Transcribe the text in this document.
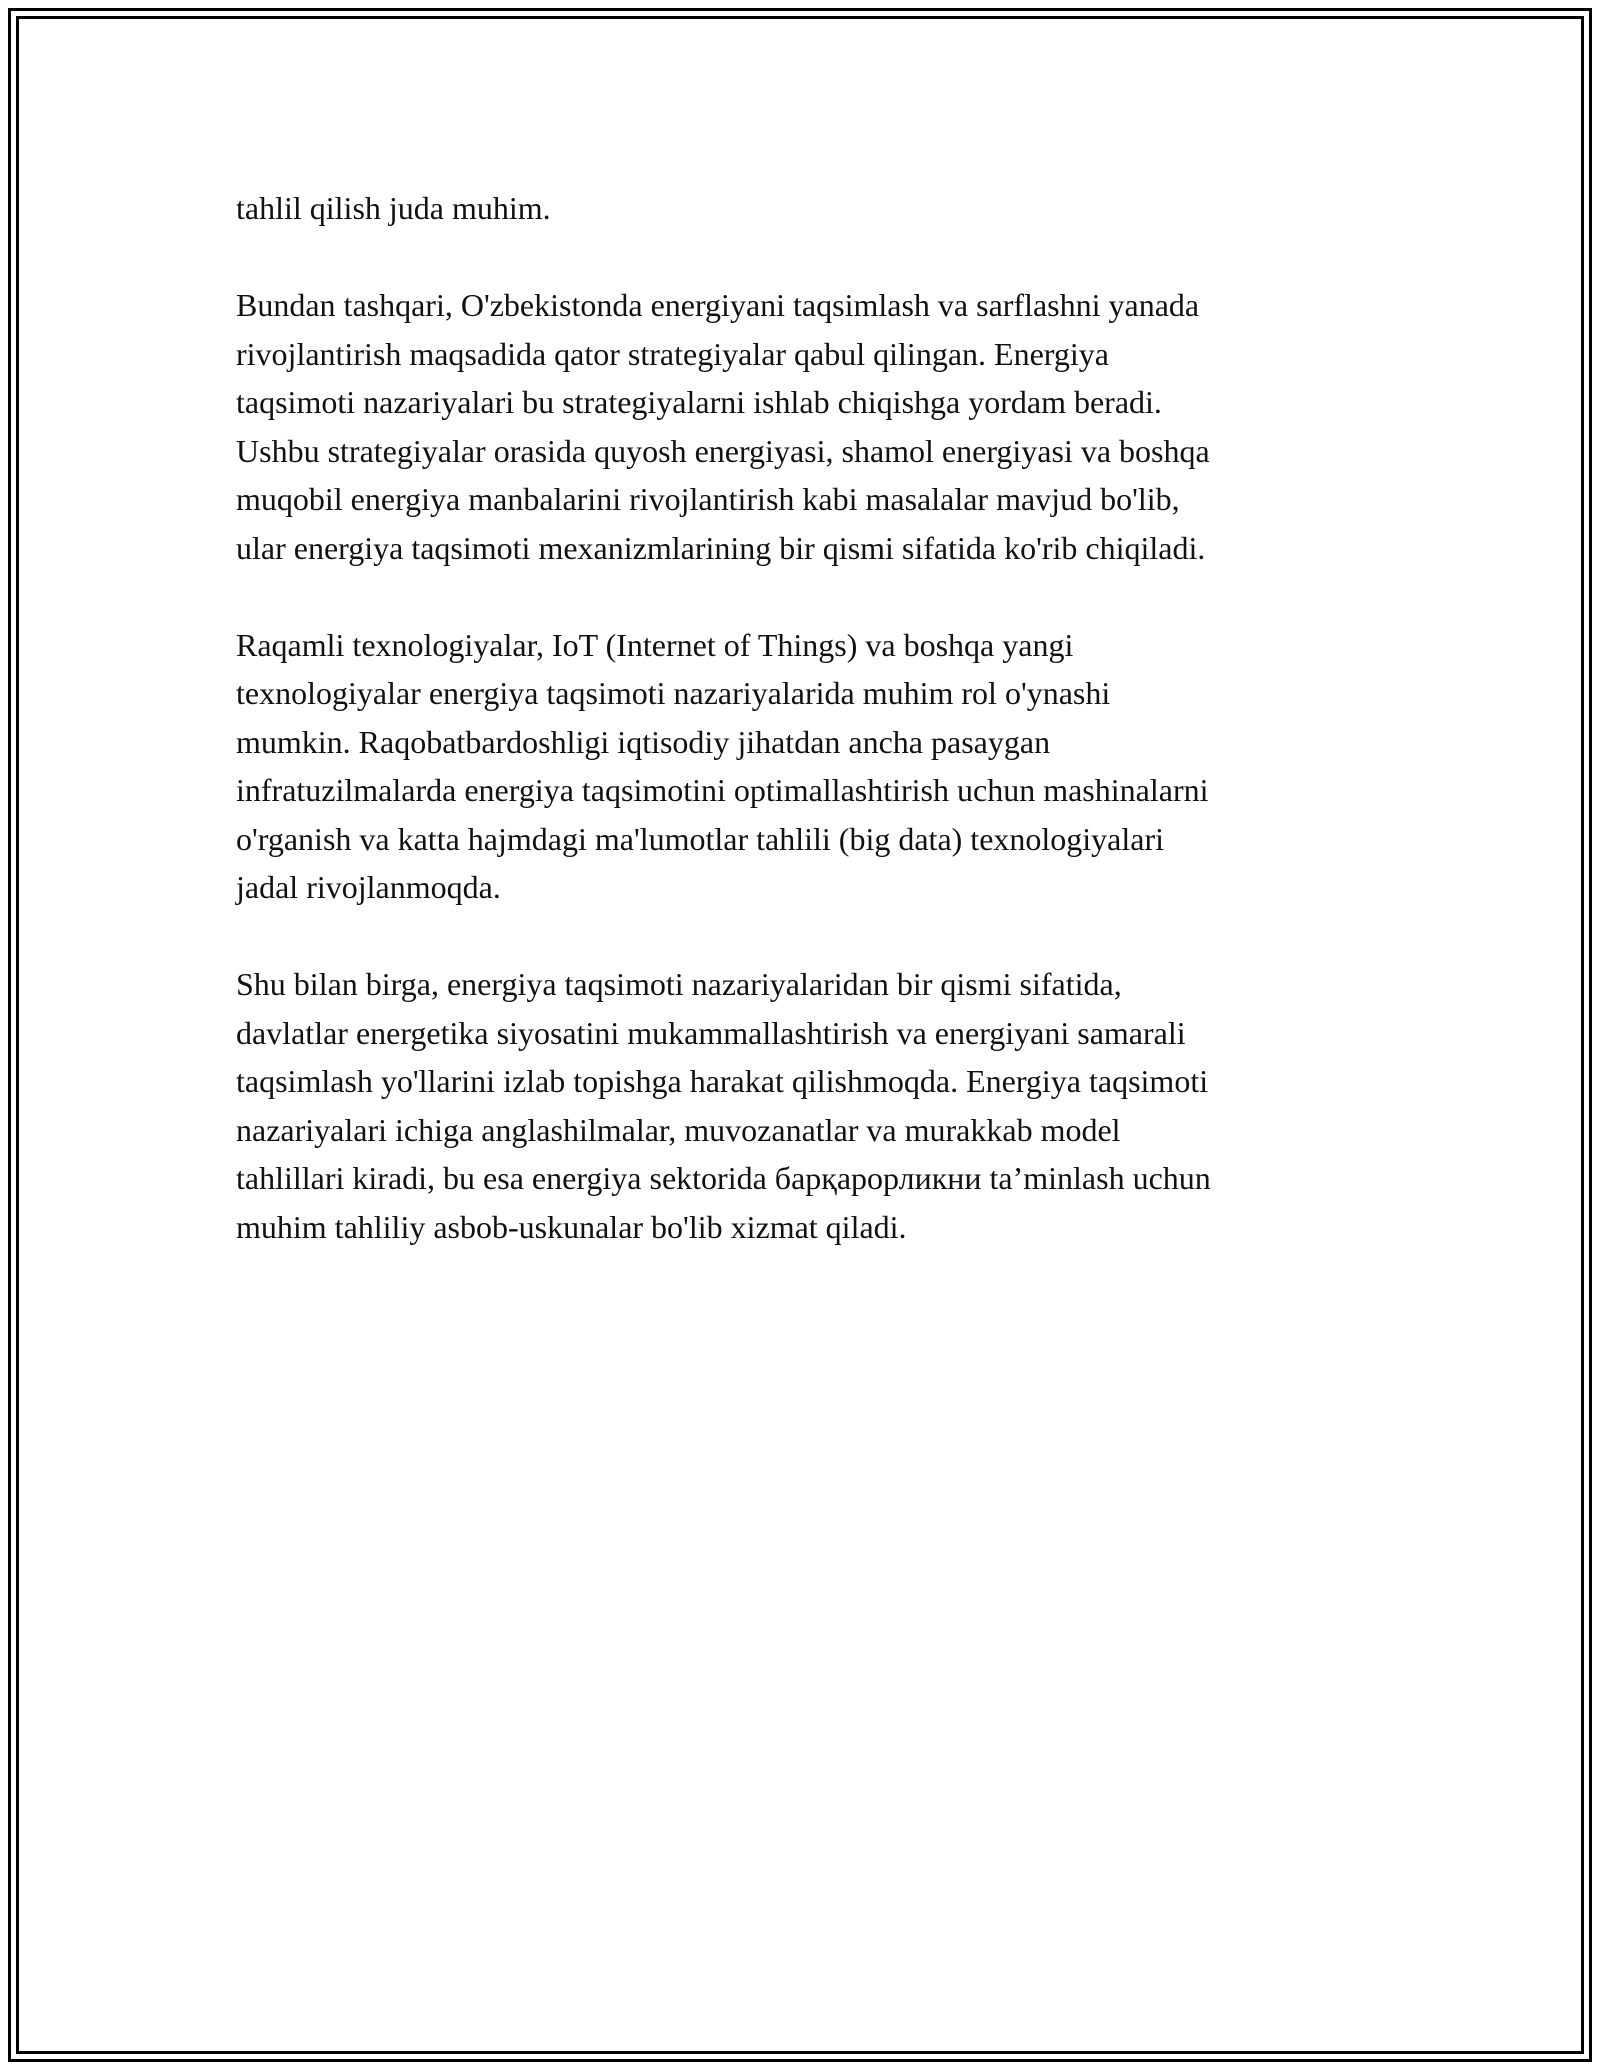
tahlil qilish juda muhim.

Bundan tashqari, O'zbekistonda energiyani taqsimlash va sarflashni yanada
rivojlantirish maqsadida qator strategiyalar qabul qilingan. Energiya
taqsimoti nazariyalari bu strategiyalarni ishlab chiqishga yordam beradi.
Ushbu strategiyalar orasida quyosh energiyasi, shamol energiyasi va boshqa
muqobil energiya manbalarini rivojlantirish kabi masalalar mavjud bo'lib,
ular energiya taqsimoti mexanizmlarining bir qismi sifatida ko'rib chiqiladi.

Raqamli texnologiyalar, IoT (Internet of Things) va boshqa yangi
texnologiyalar energiya taqsimoti nazariyalarida muhim rol o'ynashi
mumkin. Raqobatbardoshligi iqtisodiy jihatdan ancha pasaygan
infratuzilmalarda energiya taqsimotini optimallashtirish uchun mashinalarni
o'rganish va katta hajmdagi ma'lumotlar tahlili (big data) texnologiyalari
jadal rivojlanmoqda.

Shu bilan birga, energiya taqsimoti nazariyalaridan bir qismi sifatida,
davlatlar energetika siyosatini mukammallashtirish va energiyani samarali
taqsimlash yo'llarini izlab topishga harakat qilishmoqda. Energiya taqsimoti
nazariyalari ichiga anglashilmalar, muvozanatlar va murakkab model
tahlillari kiradi, bu esa energiya sektorida барқарорликни ta’minlash uchun
muhim tahliliy asbob-uskunalar bo'lib xizmat qiladi.
